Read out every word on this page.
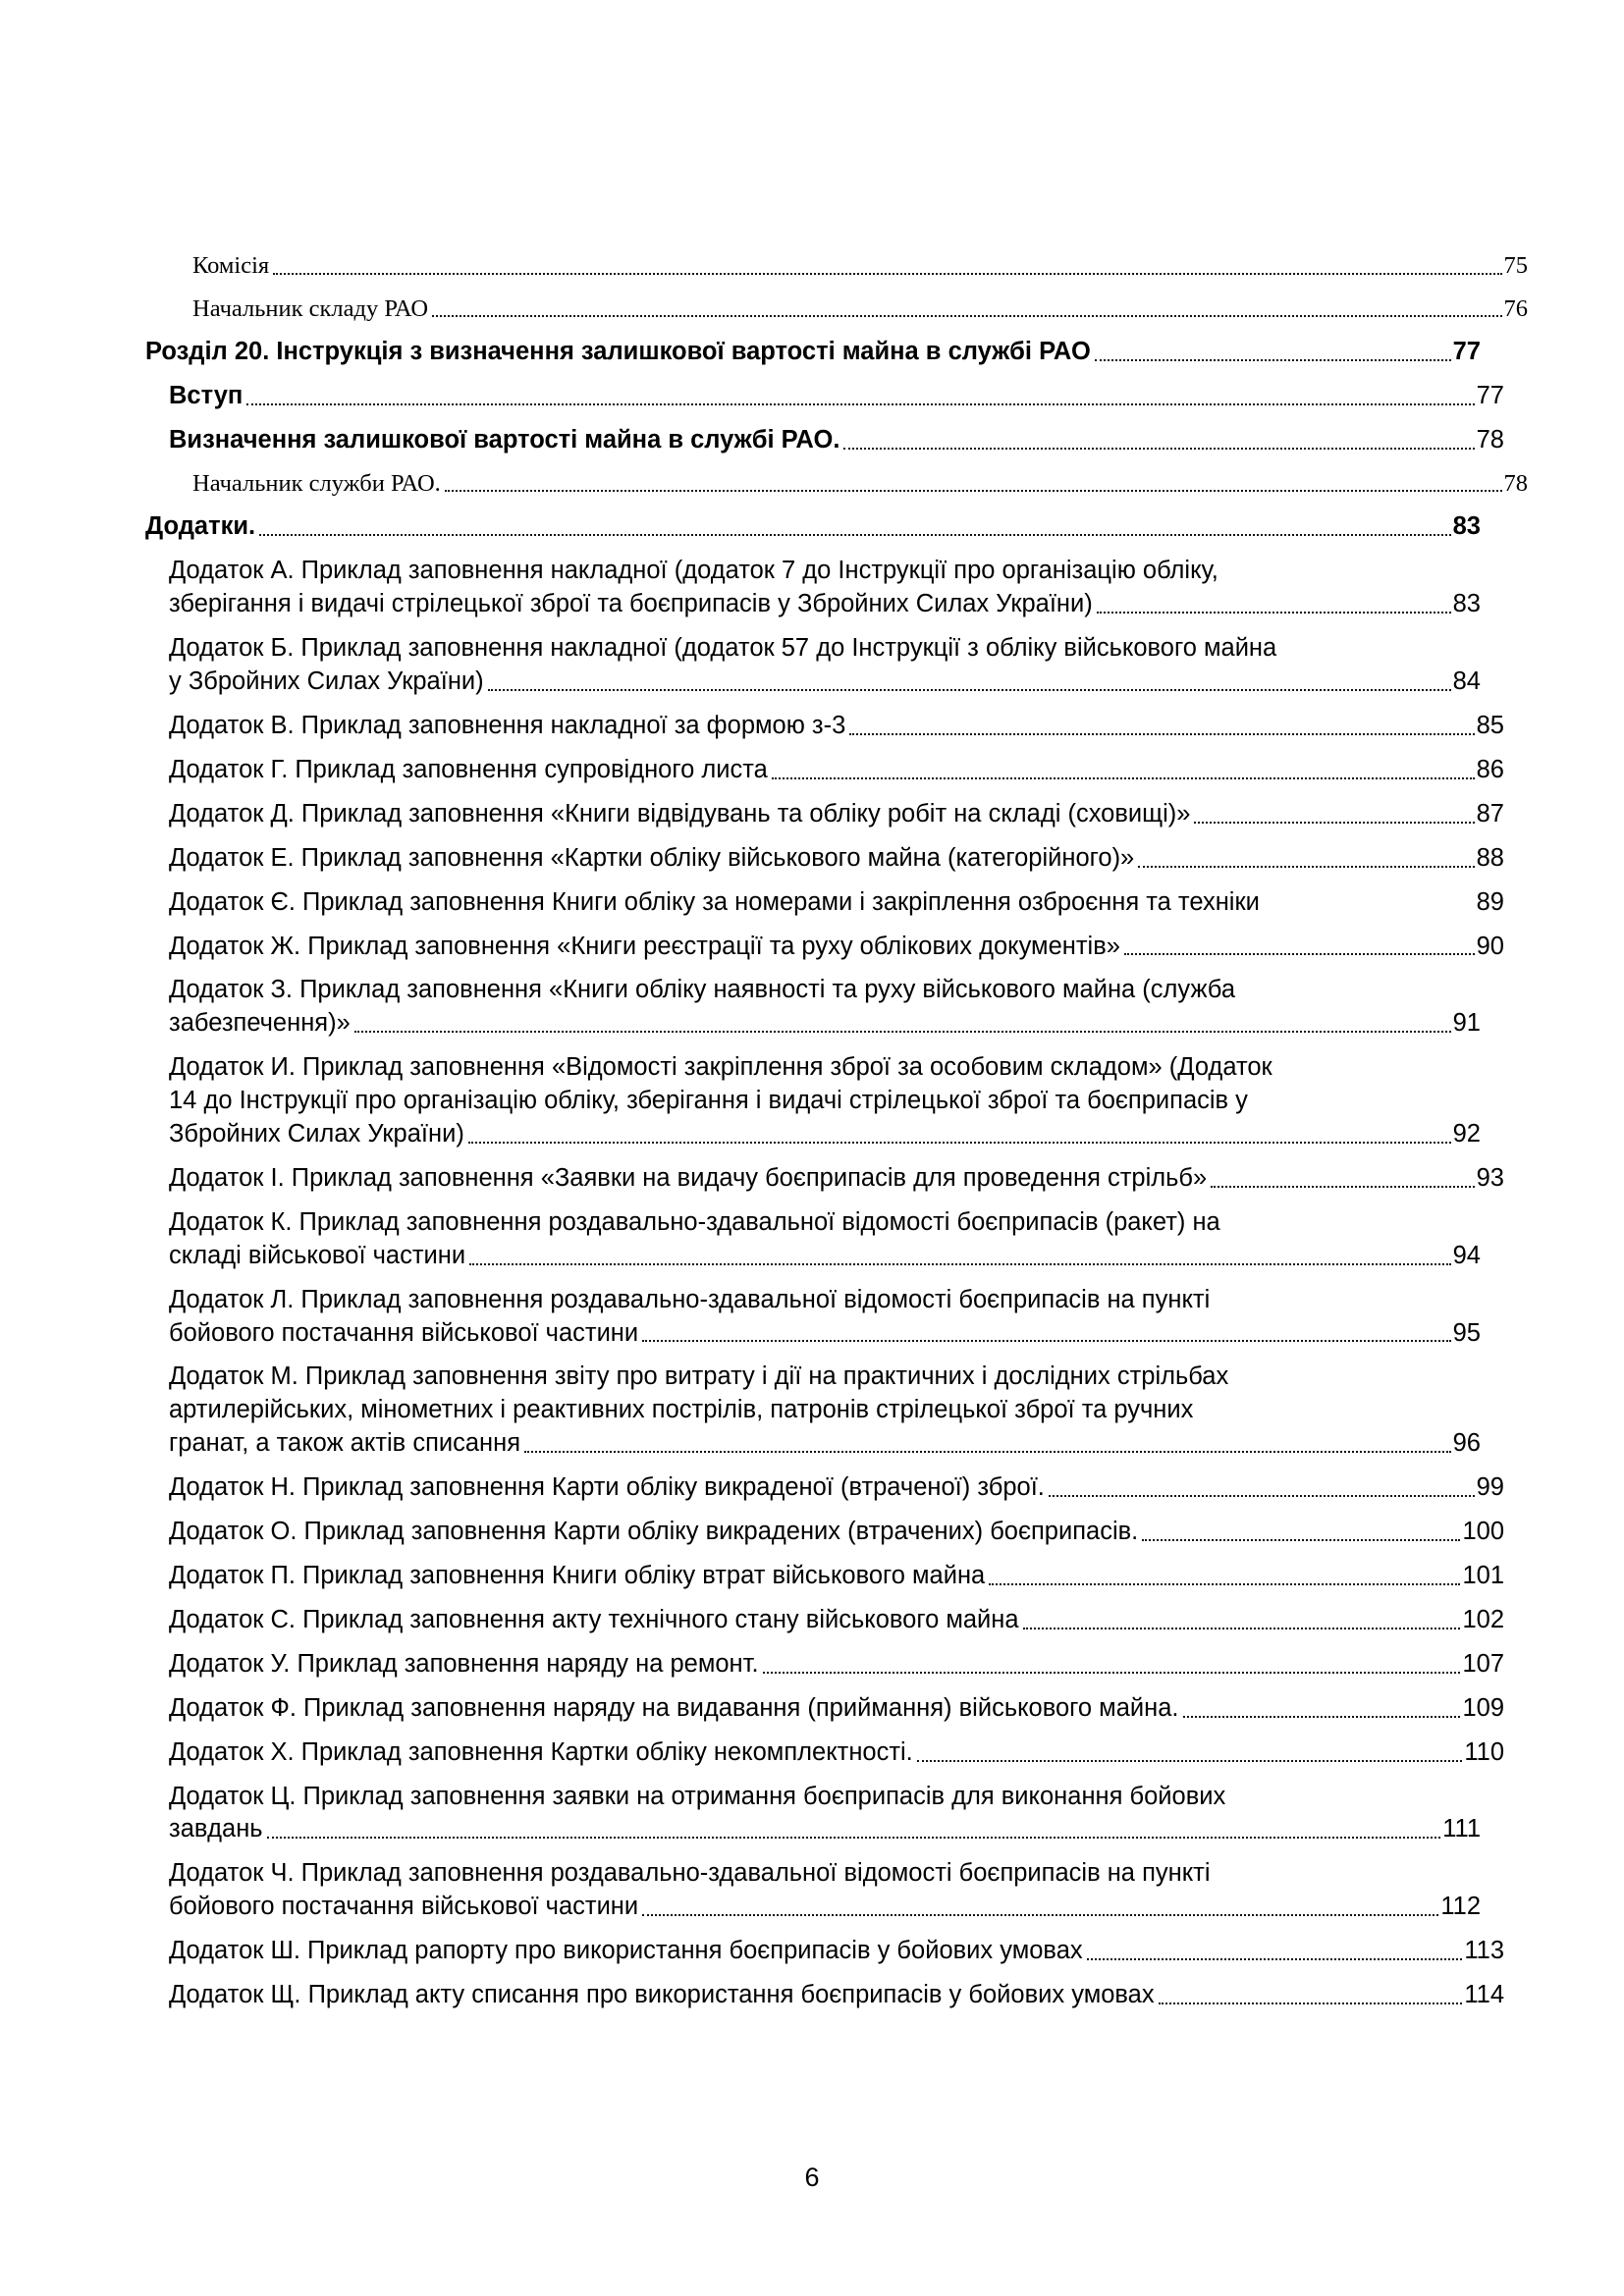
Комісія	75
Начальник складу РАО	76
Розділ 20. Інструкція з визначення залишкової вартості майна в службі РАО	77
Вступ	77
Визначення залишкової вартості майна в службі РАО.	78
Начальник служби РАО.	78
Додатки.	83
Додаток А. Приклад заповнення накладної (додаток 7 до Інструкції про організацію обліку,
зберігання і видачі стрілецької зброї та боєприпасів у Збройних Силах України)	83
Додаток Б. Приклад заповнення накладної (додаток 57 до Інструкції з обліку військового майна
у Збройних Силах України)	84
Додаток В. Приклад заповнення накладної за формою з-3	85
Додаток Г. Приклад заповнення супровідного листа	86
Додаток Д. Приклад заповнення «Книги відвідувань та обліку робіт на складі (сховищі)»	87
Додаток Е. Приклад заповнення «Картки обліку військового майна (категорійного)»	88
Додаток Є. Приклад заповнення Книги обліку за номерами і закріплення озброєння та техніки	89
Додаток Ж. Приклад заповнення «Книги реєстрації та руху облікових документів»	90
Додаток З. Приклад заповнення «Книги обліку наявності та руху військового майна (служба
забезпечення)»	91
Додаток И. Приклад заповнення «Відомості закріплення зброї за особовим складом» (Додаток
14 до Інструкції про організацію обліку, зберігання і видачі стрілецької зброї та боєприпасів у
Збройних Силах України)	92
Додаток І. Приклад заповнення «Заявки на видачу боєприпасів для проведення стрільб»	93
Додаток К. Приклад заповнення роздавально-здавальної відомості боєприпасів (ракет) на
складі військової частини	94
Додаток Л. Приклад заповнення роздавально-здавальної відомості боєприпасів на пункті
бойового постачання військової частини	95
Додаток М. Приклад заповнення звіту про витрату і дії на практичних і дослідних стрільбах
артилерійських, мінометних і реактивних пострілів, патронів стрілецької зброї та ручних
гранат, а також актів списання	96
Додаток Н. Приклад заповнення Карти обліку викраденої (втраченої) зброї.	99
Додаток О. Приклад заповнення Карти обліку викрадених (втрачених) боєприпасів.	100
Додаток П. Приклад заповнення Книги обліку втрат військового майна	101
Додаток С. Приклад заповнення акту технічного стану військового майна	102
Додаток У. Приклад заповнення наряду на ремонт.	107
Додаток Ф. Приклад заповнення наряду на видавання (приймання) військового майна.	109
Додаток Х. Приклад заповнення Картки обліку некомплектності.	110
Додаток Ц. Приклад заповнення заявки на отримання боєприпасів для виконання бойових
завдань	111
Додаток Ч. Приклад заповнення роздавально-здавальної відомості боєприпасів на пункті
бойового постачання військової частини	112
Додаток Ш. Приклад рапорту про використання боєприпасів у бойових умовах	113
Додаток Щ. Приклад акту списання про використання боєприпасів у бойових умовах	114
6
